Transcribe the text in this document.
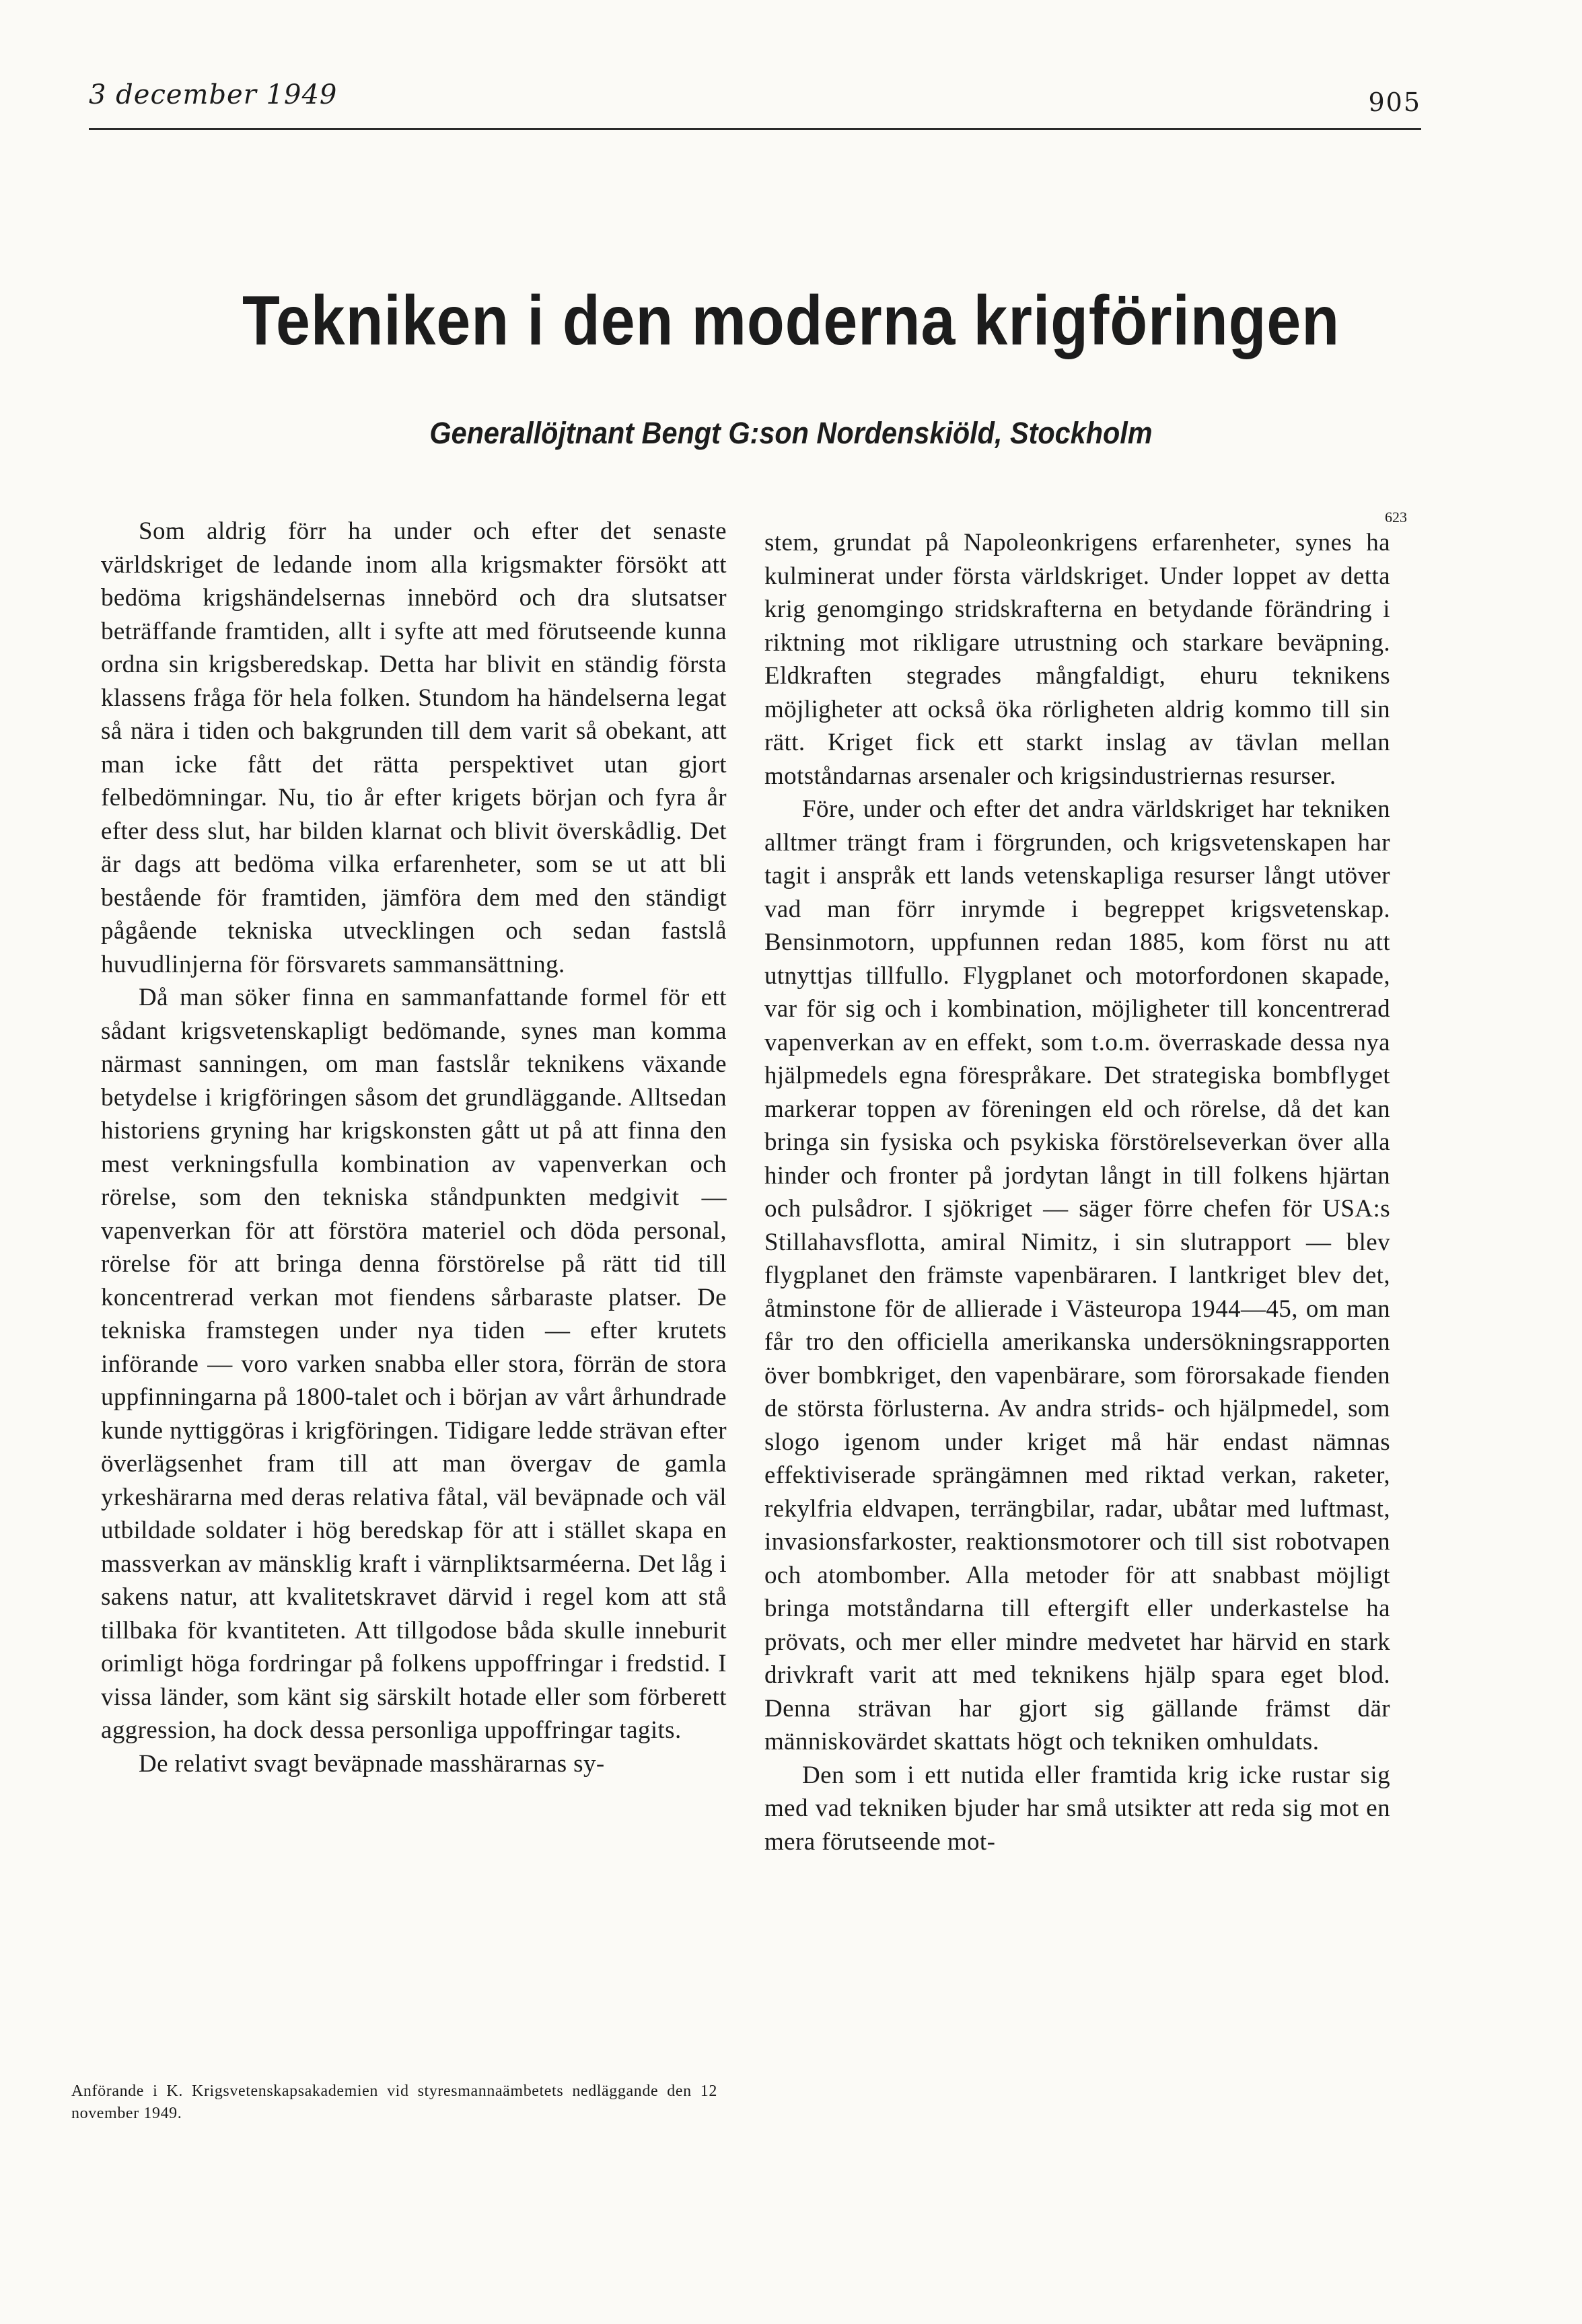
3 december 1949	905
Tekniken i den moderna krigföringen
Generallöjtnant Bengt G:son Nordenskiöld, Stockholm
623

Som aldrig förr ha under och efter det senaste världskriget de ledande inom alla krigsmakter försökt att bedöma krigshändelsernas innebörd och dra slutsatser beträffande framtiden, allt i syfte att med förutseende kunna ordna sin krigsberedskap. Detta har blivit en ständig första klassens fråga för hela folken. Stundom ha händelserna legat så nära i tiden och bakgrunden till dem varit så obekant, att man icke fått det rätta perspektivet utan gjort felbedömningar. Nu, tio år efter krigets början och fyra år efter dess slut, har bilden klarnat och blivit överskådlig. Det är dags att bedöma vilka erfarenheter, som se ut att bli bestående för framtiden, jämföra dem med den ständigt pågående tekniska utvecklingen och sedan fastslå huvudlinjerna för försvarets sammansättning.

Då man söker finna en sammanfattande formel för ett sådant krigsvetenskapligt bedömande, synes man komma närmast sanningen, om man fastslår teknikens växande betydelse i krigföringen såsom det grundläggande. Alltsedan historiens gryning har krigskonsten gått ut på att finna den mest verkningsfulla kombination av vapenverkan och rörelse, som den tekniska ståndpunkten medgivit — vapenverkan för att förstöra materiel och döda personal, rörelse för att bringa denna förstörelse på rätt tid till koncentrerad verkan mot fiendens sårbaraste platser. De tekniska framstegen under nya tiden — efter krutets införande — voro varken snabba eller stora, förrän de stora uppfinningarna på 1800-talet och i början av vårt århundrade kunde nyttiggöras i krigföringen. Tidigare ledde strävan efter överlägsenhet fram till att man övergav de gamla yrkeshärarna med deras relativa fåtal, väl beväpnade och väl utbildade soldater i hög beredskap för att i stället skapa en massverkan av mänsklig kraft i värnpliktsarméerna. Det låg i sakens natur, att kvalitetskravet därvid i regel kom att stå tillbaka för kvantiteten. Att tillgodose båda skulle inneburit orimligt höga fordringar på folkens uppoffringar i fredstid. I vissa länder, som känt sig särskilt hotade eller som förberett aggression, ha dock dessa personliga uppoffringar tagits.

De relativt svagt beväpnade masshärarnas sy-

stem, grundat på Napoleonkrigens erfarenheter, synes ha kulminerat under första världskriget. Under loppet av detta krig genomgingo stridskrafterna en betydande förändring i riktning mot rikligare utrustning och starkare beväpning. Eldkraften stegrades mångfaldigt, ehuru teknikens möjligheter att också öka rörligheten aldrig kommo till sin rätt. Kriget fick ett starkt inslag av tävlan mellan motståndarnas arsenaler och krigsindustriernas resurser.

Före, under och efter det andra världskriget har tekniken alltmer trängt fram i förgrunden, och krigsvetenskapen har tagit i anspråk ett lands vetenskapliga resurser långt utöver vad man förr inrymde i begreppet krigsvetenskap. Bensinmotorn, uppfunnen redan 1885, kom först nu att utnyttjas tillfullo. Flygplanet och motorfordonen skapade, var för sig och i kombination, möjligheter till koncentrerad vapenverkan av en effekt, som t.o.m. överraskade dessa nya hjälpmedels egna förespråkare. Det strategiska bombflyget markerar toppen av föreningen eld och rörelse, då det kan bringa sin fysiska och psykiska förstörelseverkan över alla hinder och fronter på jordytan långt in till folkens hjärtan och pulsådror. I sjökriget — säger förre chefen för USA:s Stillahavsflotta, amiral Nimitz, i sin slutrapport — blev flygplanet den främste vapenbäraren. I lantkriget blev det, åtminstone för de allierade i Västeuropa 1944—45, om man får tro den officiella amerikanska undersökningsrapporten över bombkriget, den vapenbärare, som förorsakade fienden de största förlusterna. Av andra strids- och hjälpmedel, som slogo igenom under kriget må här endast nämnas effektiviserade sprängämnen med riktad verkan, raketer, rekylfria eldvapen, terrängbilar, radar, ubåtar med luftmast, invasionsfarkoster, reaktionsmotorer och till sist robotvapen och atombomber. Alla metoder för att snabbast möjligt bringa motståndarna till eftergift eller underkastelse ha prövats, och mer eller mindre medvetet har härvid en stark drivkraft varit att med teknikens hjälp spara eget blod. Denna strävan har gjort sig gällande främst där människovärdet skattats högt och tekniken omhuldats.

Den som i ett nutida eller framtida krig icke rustar sig med vad tekniken bjuder har små utsikter att reda sig mot en mera förutseende mot-

Anförande i K. Krigsvetenskapsakademien vid styresmannaämbetets nedläggande den 12 november 1949.
